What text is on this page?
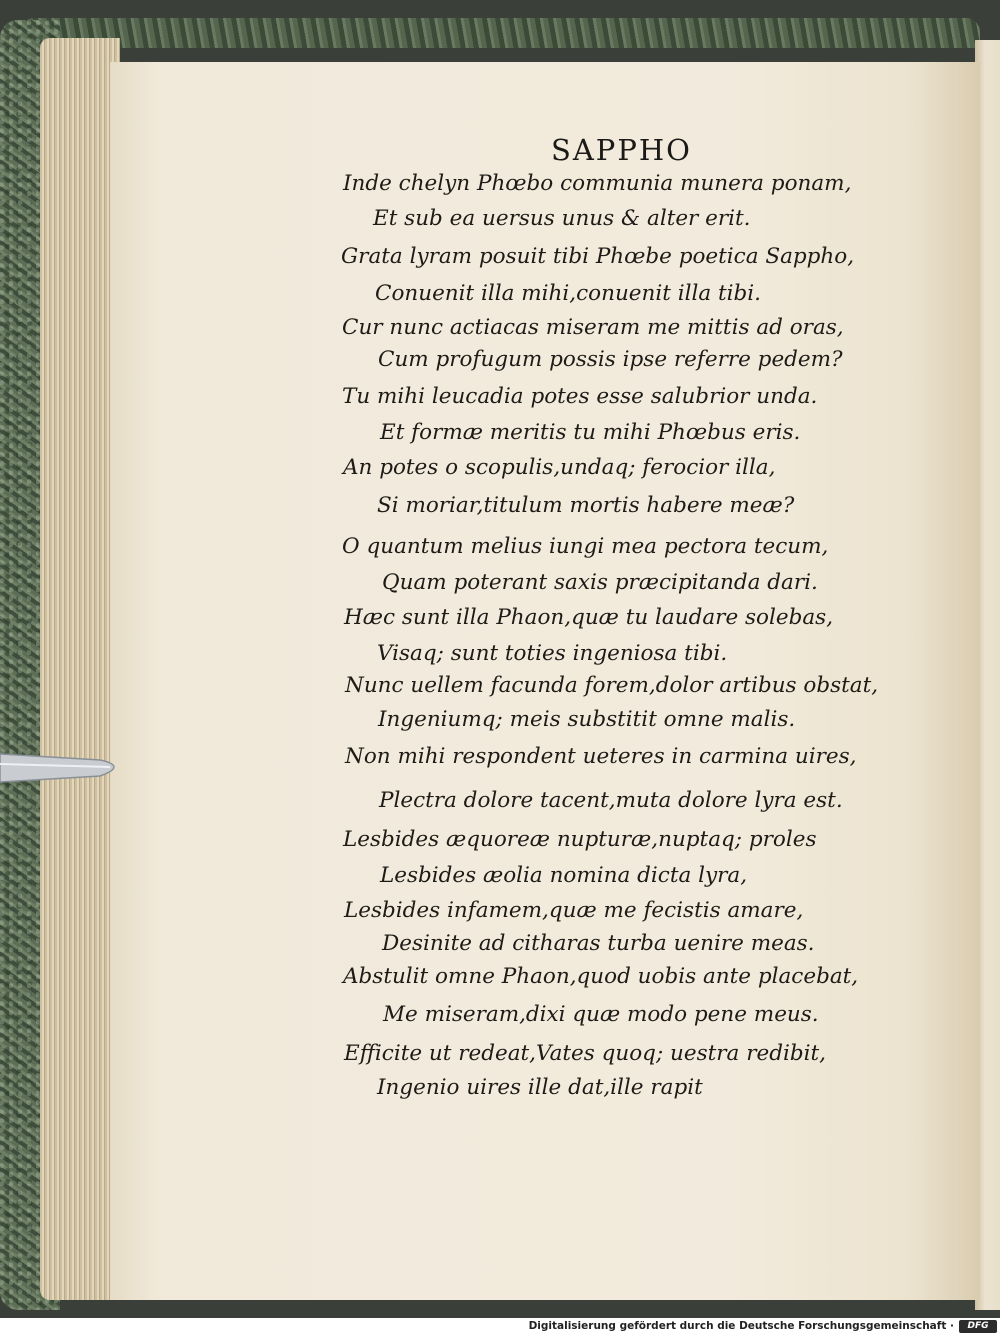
SAPPHO
Inde chelyn Phœbo communia munera ponam,
Et sub ea uersus unus & alter erit.
Grata lyram posuit tibi Phœbe poetica Sappho,
Conuenit illa mihi,conuenit illa tibi.
Cur nunc actiacas miseram me mittis ad oras,
Cum profugum possis ipse referre pedem?
Tu mihi leucadia potes esse salubrior unda.
Et formæ meritis tu mihi Phœbus eris.
An potes o scopulis,undaq; ferocior illa,
Si moriar,titulum mortis habere meæ?
O quantum melius iungi mea pectora tecum,
Quam poterant saxis præcipitanda dari.
Hæc sunt illa Phaon,quæ tu laudare solebas,
Visaq; sunt toties ingeniosa tibi.
Nunc uellem facunda forem,dolor artibus obstat,
Ingeniumq; meis substitit omne malis.
Non mihi respondent ueteres in carmina uires,
Plectra dolore tacent,muta dolore lyra est.
Lesbides æquoreæ nupturæ,nuptaq; proles
Lesbides æolia nomina dicta lyra,
Lesbides infamem,quæ me fecistis amare,
Desinite ad citharas turba uenire meas.
Abstulit omne Phaon,quod uobis ante placebat,
Me miseram,dixi quæ modo pene meus.
Efficite ut redeat,Vates quoq; uestra redibit,
Ingenio uires ille dat,ille rapit
Digitalisierung gefördert durch die Deutsche Forschungsgemeinschaft ·	DFG
